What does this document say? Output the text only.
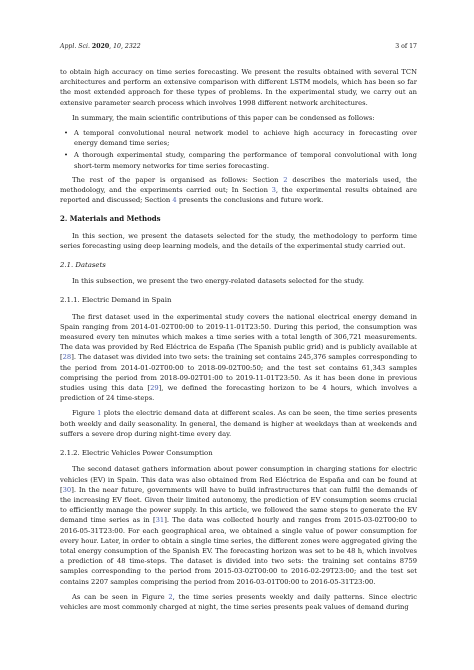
Appl. Sci. 2020, 10, 2322	3 of 17

to obtain high accuracy on time series forecasting. We present the results obtained with several TCN architectures and perform an extensive comparison with different LSTM models, which has been so far the most extended approach for these types of problems. In the experimental study, we carry out an extensive parameter search process which involves 1998 different network architectures.

In summary, the main scientific contributions of this paper can be condensed as follows:

• A temporal convolutional neural network model to achieve high accuracy in forecasting over energy demand time series;
• A thorough experimental study, comparing the performance of temporal convolutional with long short-term memory networks for time series forecasting.

The rest of the paper is organised as follows: Section 2 describes the materials used, the methodology, and the experiments carried out; In Section 3, the experimental results obtained are reported and discussed; Section 4 presents the conclusions and future work.

2. Materials and Methods

In this section, we present the datasets selected for the study, the methodology to perform time series forecasting using deep learning models, and the details of the experimental study carried out.

2.1. Datasets

In this subsection, we present the two energy-related datasets selected for the study.

2.1.1. Electric Demand in Spain

The first dataset used in the experimental study covers the national electrical energy demand in Spain ranging from 2014-01-02T00:00 to 2019-11-01T23:50. During this period, the consumption was measured every ten minutes which makes a time series with a total length of 306,721 measurements. The data was provided by Red Eléctrica de España (The Spanish public grid) and is publicly available at [28]. The dataset was divided into two sets: the training set contains 245,376 samples corresponding to the period from 2014-01-02T00:00 to 2018-09-02T00:50; and the test set contains 61,343 samples comprising the period from 2018-09-02T01:00 to 2019-11-01T23:50. As it has been done in previous studies using this data [29], we defined the forecasting horizon to be 4 hours, which involves a prediction of 24 time-steps.

Figure 1 plots the electric demand data at different scales. As can be seen, the time series presents both weekly and daily seasonality. In general, the demand is higher at weekdays than at weekends and suffers a severe drop during night-time every day.

2.1.2. Electric Vehicles Power Consumption

The second dataset gathers information about power consumption in charging stations for electric vehicles (EV) in Spain. This data was also obtained from Red Eléctrica de España and can be found at [30]. In the near future, governments will have to build infrastructures that can fulfil the demands of the increasing EV fleet. Given their limited autonomy, the prediction of EV consumption seems crucial to efficiently manage the power supply. In this article, we followed the same steps to generate the EV demand time series as in [31]. The data was collected hourly and ranges from 2015-03-02T00:00 to 2016-05-31T23:00. For each geographical area, we obtained a single value of power consumption for every hour. Later, in order to obtain a single time series, the different zones were aggregated giving the total energy consumption of the Spanish EV. The forecasting horizon was set to be 48 h, which involves a prediction of 48 time-steps. The dataset is divided into two sets: the training set contains 8759 samples corresponding to the period from 2015-03-02T00:00 to 2016-02-29T23:00; and the test set contains 2207 samples comprising the period from 2016-03-01T00:00 to 2016-05-31T23:00.

As can be seen in Figure 2, the time series presents weekly and daily patterns. Since electric vehicles are most commonly charged at night, the time series presents peak values of demand during
